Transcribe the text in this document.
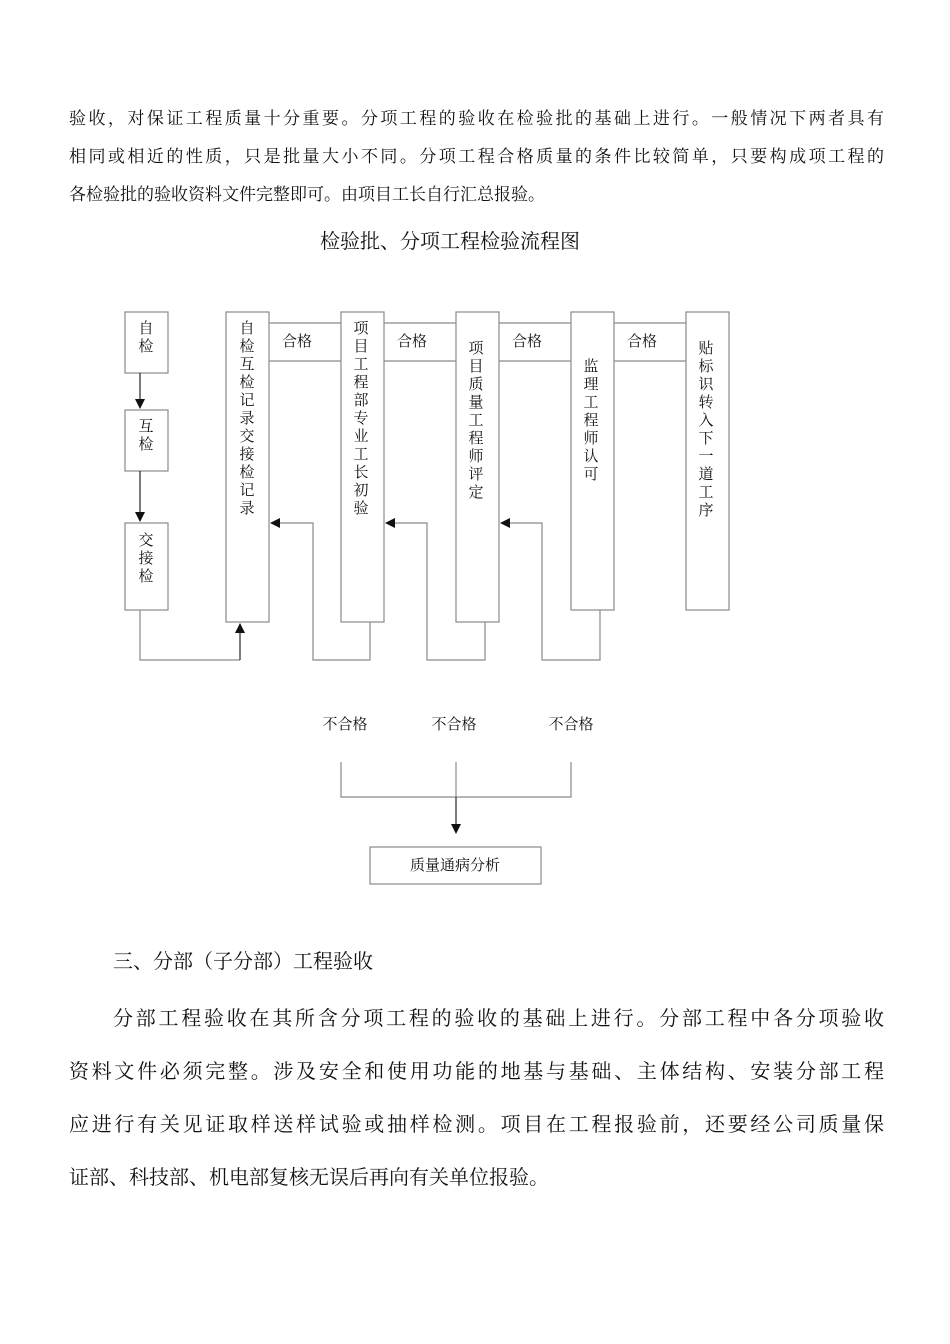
验收，对保证工程质量十分重要。分项工程的验收在检验批的基础上进行。一般情况下两者具有
相同或相近的性质，只是批量大小不同。分项工程合格质量的条件比较简单，只要构成项工程的
各检验批的验收资料文件完整即可。由项目工长自行汇总报验。
检验批、分项工程检验流程图
合格	合格	合格	合格
不合格	不合格	不合格
质量通病分析
自检
互检
交接检
自检互检记录交接检记录
项目工程部专业工长初验
项目质量工程师评定
监理工程师认可
贴标识转入下一道工序
三、分部（子分部）工程验收
分部工程验收在其所含分项工程的验收的基础上进行。分部工程中各分项验收
资料文件必须完整。涉及安全和使用功能的地基与基础、主体结构、安装分部工程
应进行有关见证取样送样试验或抽样检测。项目在工程报验前，还要经公司质量保
证部、科技部、机电部复核无误后再向有关单位报验。
